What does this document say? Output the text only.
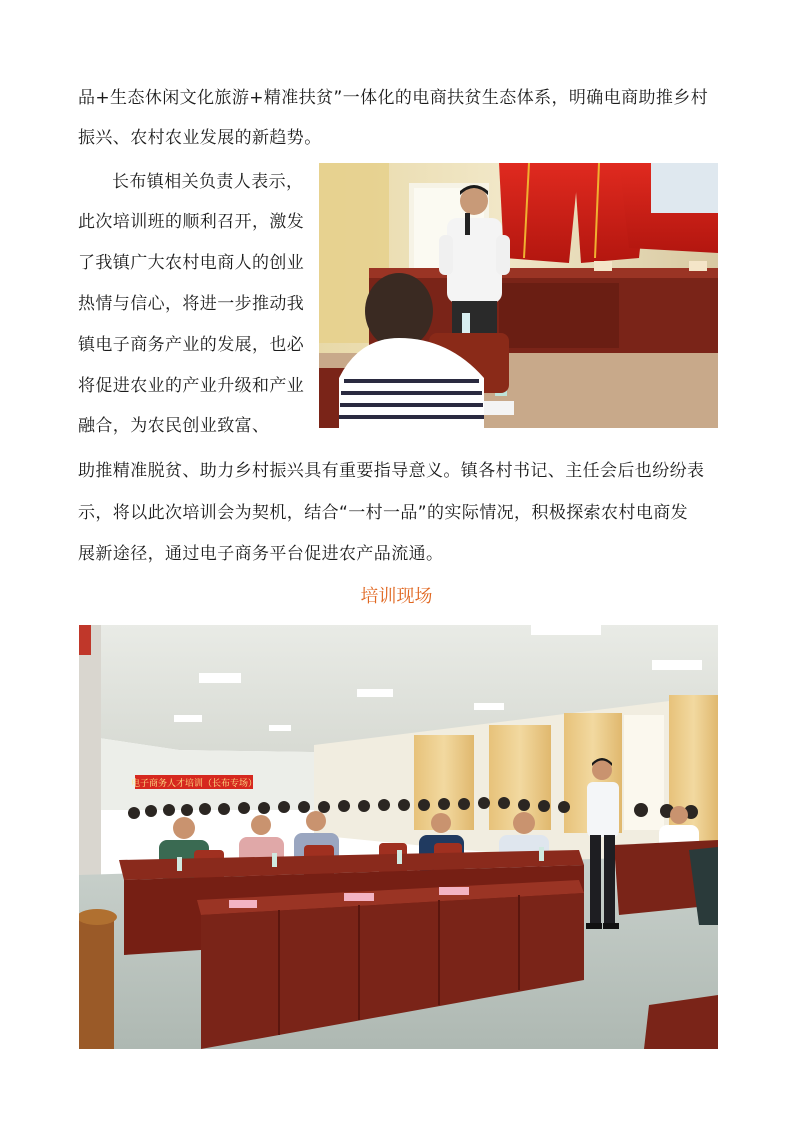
品+生态休闲文化旅游+精准扶贫”一体化的电商扶贫生态体系，明确电商助推乡村
振兴、农村农业发展的新趋势。
长布镇相关负责人表示，
此次培训班的顺利召开，激发
了我镇广大农村电商人的创业
热情与信心，将进一步推动我
镇电子商务产业的发展，也必
将促进农业的产业升级和产业
融合，为农民创业致富、
助推精准脱贫、助力乡村振兴具有重要指导意义。镇各村书记、主任会后也纷纷表
示，将以此次培训会为契机，结合“一村一品”的实际情况，积极探索农村电商发
展新途径，通过电子商务平台促进农产品流通。
培训现场
电子商务人才培训（长布专场）
